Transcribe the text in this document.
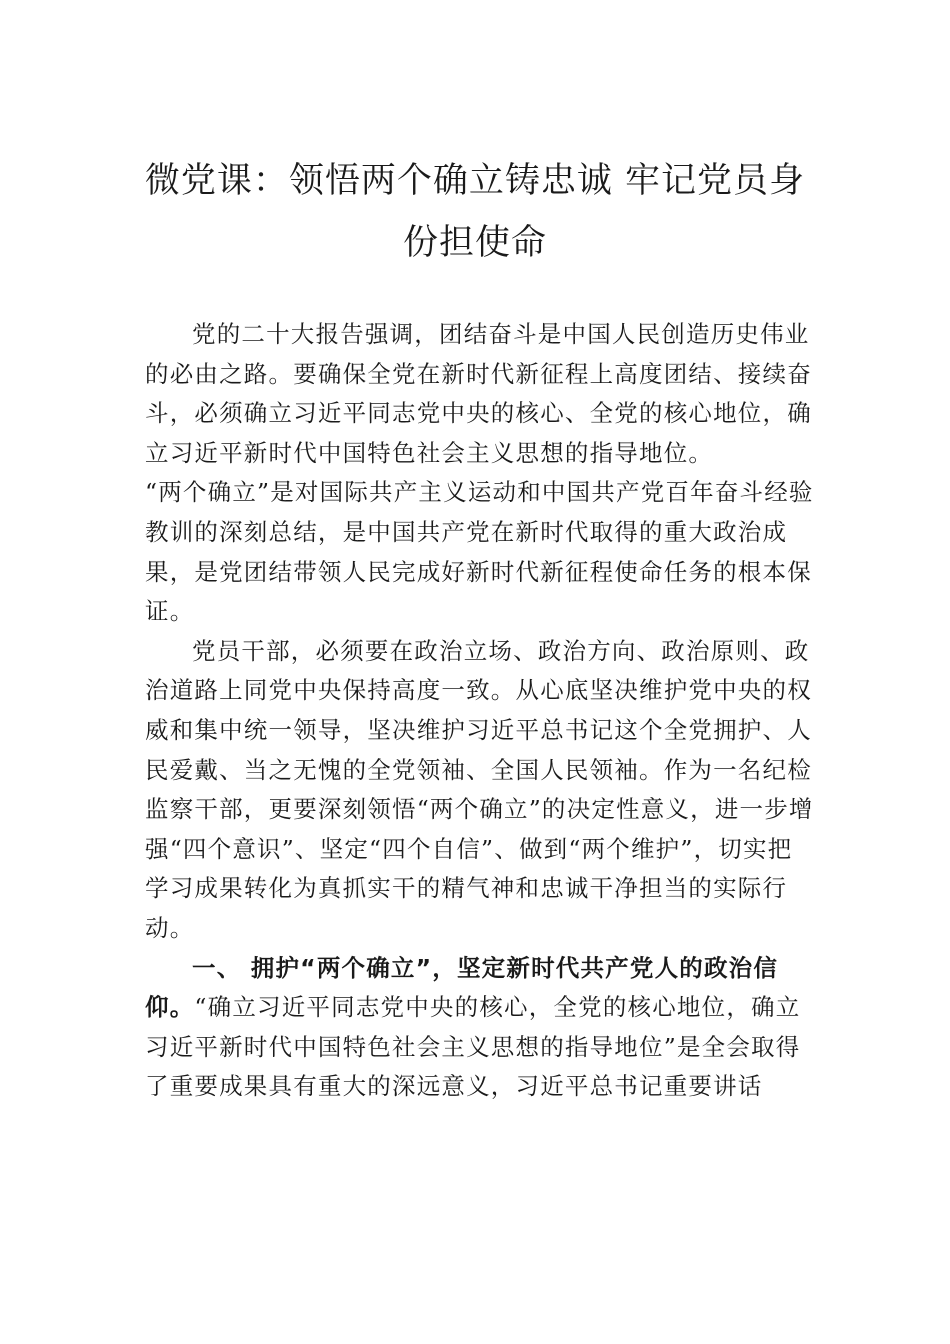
微党课：领悟两个确立铸忠诚 牢记党员身份担使命

党的二十大报告强调，团结奋斗是中国人民创造历史伟业的必由之路。要确保全党在新时代新征程上高度团结、接续奋斗，必须确立习近平同志党中央的核心、全党的核心地位，确立习近平新时代中国特色社会主义思想的指导地位。

“两个确立”是对国际共产主义运动和中国共产党百年奋斗经验教训的深刻总结，是中国共产党在新时代取得的重大政治成果，是党团结带领人民完成好新时代新征程使命任务的根本保证。

党员干部，必须要在政治立场、政治方向、政治原则、政治道路上同党中央保持高度一致。从心底坚决维护党中央的权威和集中统一领导，坚决维护习近平总书记这个全党拥护、人民爱戴、当之无愧的全党领袖、全国人民领袖。作为一名纪检监察干部，更要深刻领悟“两个确立”的决定性意义，进一步增强“四个意识”、坚定“四个自信”、做到“两个维护”，切实把学习成果转化为真抓实干的精气神和忠诚干净担当的实际行动。

一、 拥护“两个确立”，坚定新时代共产党人的政治信仰。“确立习近平同志党中央的核心，全党的核心地位，确立习近平新时代中国特色社会主义思想的指导地位”是全会取得了重要成果具有重大的深远意义，习近平总书记重要讲话
